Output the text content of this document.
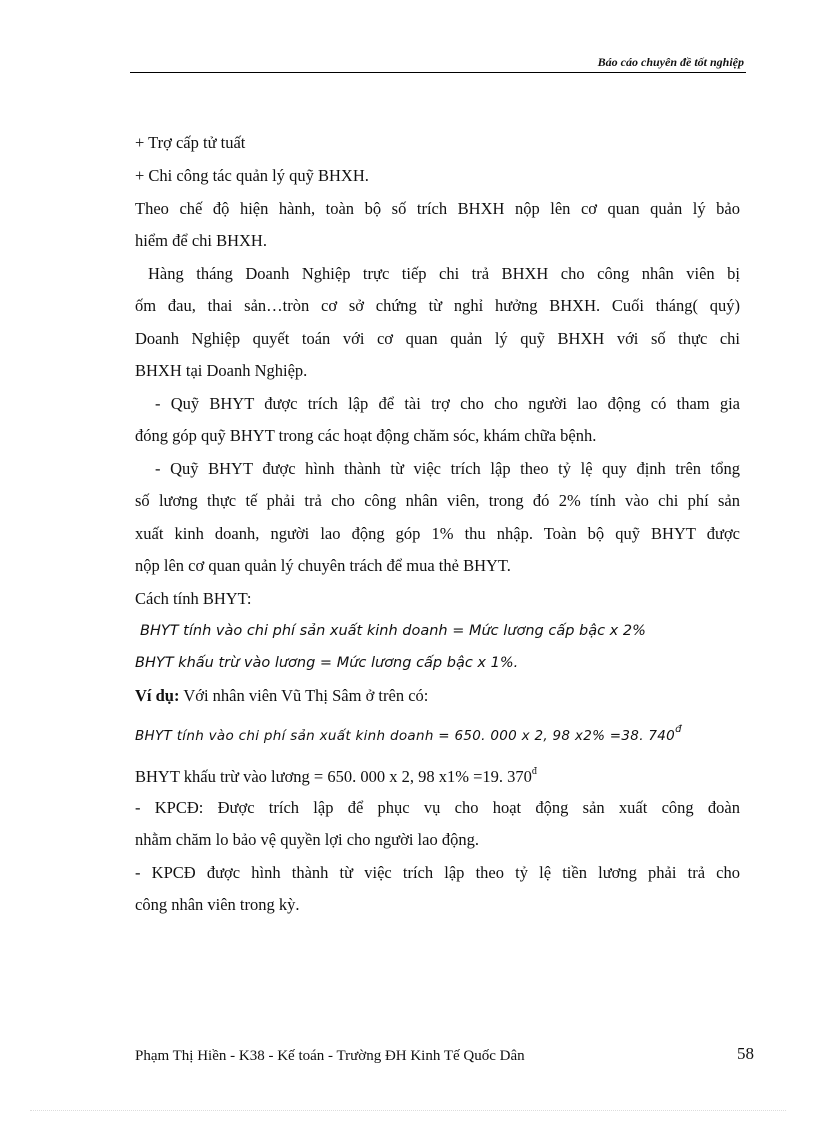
Báo cáo chuyên đề tốt nghiệp
+ Trợ cấp tử tuất
+ Chi công tác quản lý quỹ BHXH.
Theo chế độ hiện hành, toàn bộ số trích BHXH nộp lên cơ quan quản lý bảo
hiểm để chi BHXH.
Hàng tháng Doanh Nghiệp trực tiếp chi trả BHXH cho công nhân viên bị
ốm đau, thai sản…tròn cơ sở chứng từ nghỉ hưởng BHXH. Cuối tháng( quý)
Doanh Nghiệp quyết toán với cơ quan quản lý quỹ BHXH với số thực chi
BHXH tại Doanh Nghiệp.
- Quỹ BHYT được trích lập để tài trợ cho cho người lao động có tham gia
đóng góp quỹ BHYT trong các hoạt động chăm sóc, khám chữa bệnh.
- Quỹ BHYT được hình thành từ việc trích lập theo tỷ lệ quy định trên tổng
số lương thực tế phải trả cho công nhân viên, trong đó 2% tính vào chi phí sản
xuất kinh doanh, người lao động góp 1% thu nhập. Toàn bộ quỹ BHYT được
nộp lên cơ quan quản lý chuyên trách để mua thẻ BHYT.
Cách tính BHYT:
BHYT tính vào chi phí sản xuất kinh doanh = Mức lương cấp bậc x 2%
BHYT khấu trừ vào lương = Mức lương cấp bậc x 1%.
Ví dụ: Với nhân viên Vũ Thị Sâm ở trên có:
BHYT tính vào chi phí sản xuất kinh doanh = 650. 000 x 2, 98 x2% =38. $740^đ$
BHYT khấu trừ vào lương = 650. 000 x 2, 98 x1% =19. $370^đ$
- KPCĐ: Được trích lập để phục vụ cho hoạt động sản xuất công đoàn
nhằm chăm lo bảo vệ quyền lợi cho người lao động.
- KPCĐ được hình thành từ việc trích lập theo tỷ lệ tiền lương phải trả cho
công nhân viên trong kỳ.
Phạm Thị Hiền - K38 - Kế toán - Trường ĐH Kinh Tế Quốc Dân	58
